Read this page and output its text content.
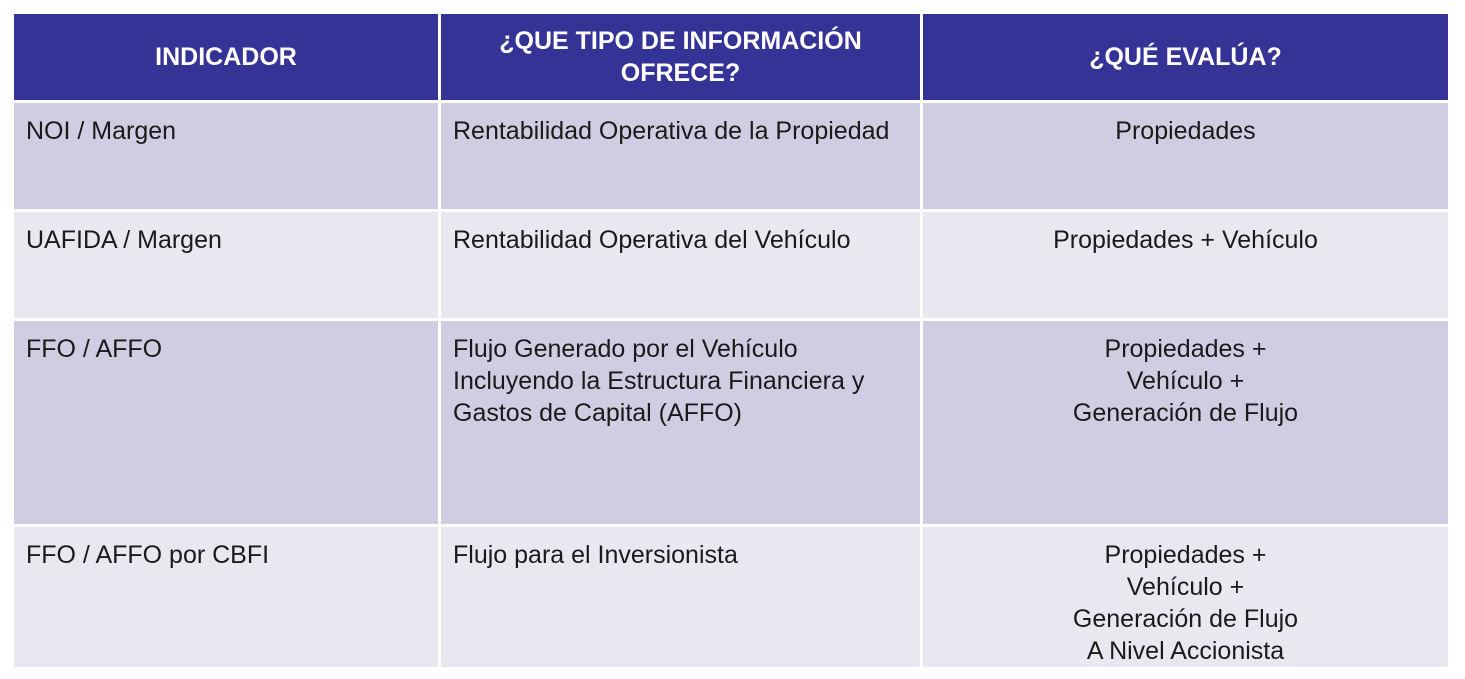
INDICADOR	¿QUE TIPO DE INFORMACIÓN OFRECE?	¿QUÉ EVALÚA?
NOI / Margen	Rentabilidad Operativa de la Propiedad	Propiedades

UAFIDA / Margen	Rentabilidad Operativa del Vehículo	Propiedades + Vehículo

FFO / AFFO	Flujo Generado por el Vehículo Incluyendo la Estructura Financiera y Gastos de Capital (AFFO)	Propiedades +
Vehículo +
Generación de Flujo

FFO / AFFO por CBFI	Flujo para el Inversionista	Propiedades +
Vehículo +
Generación de Flujo
A Nivel Accionista
